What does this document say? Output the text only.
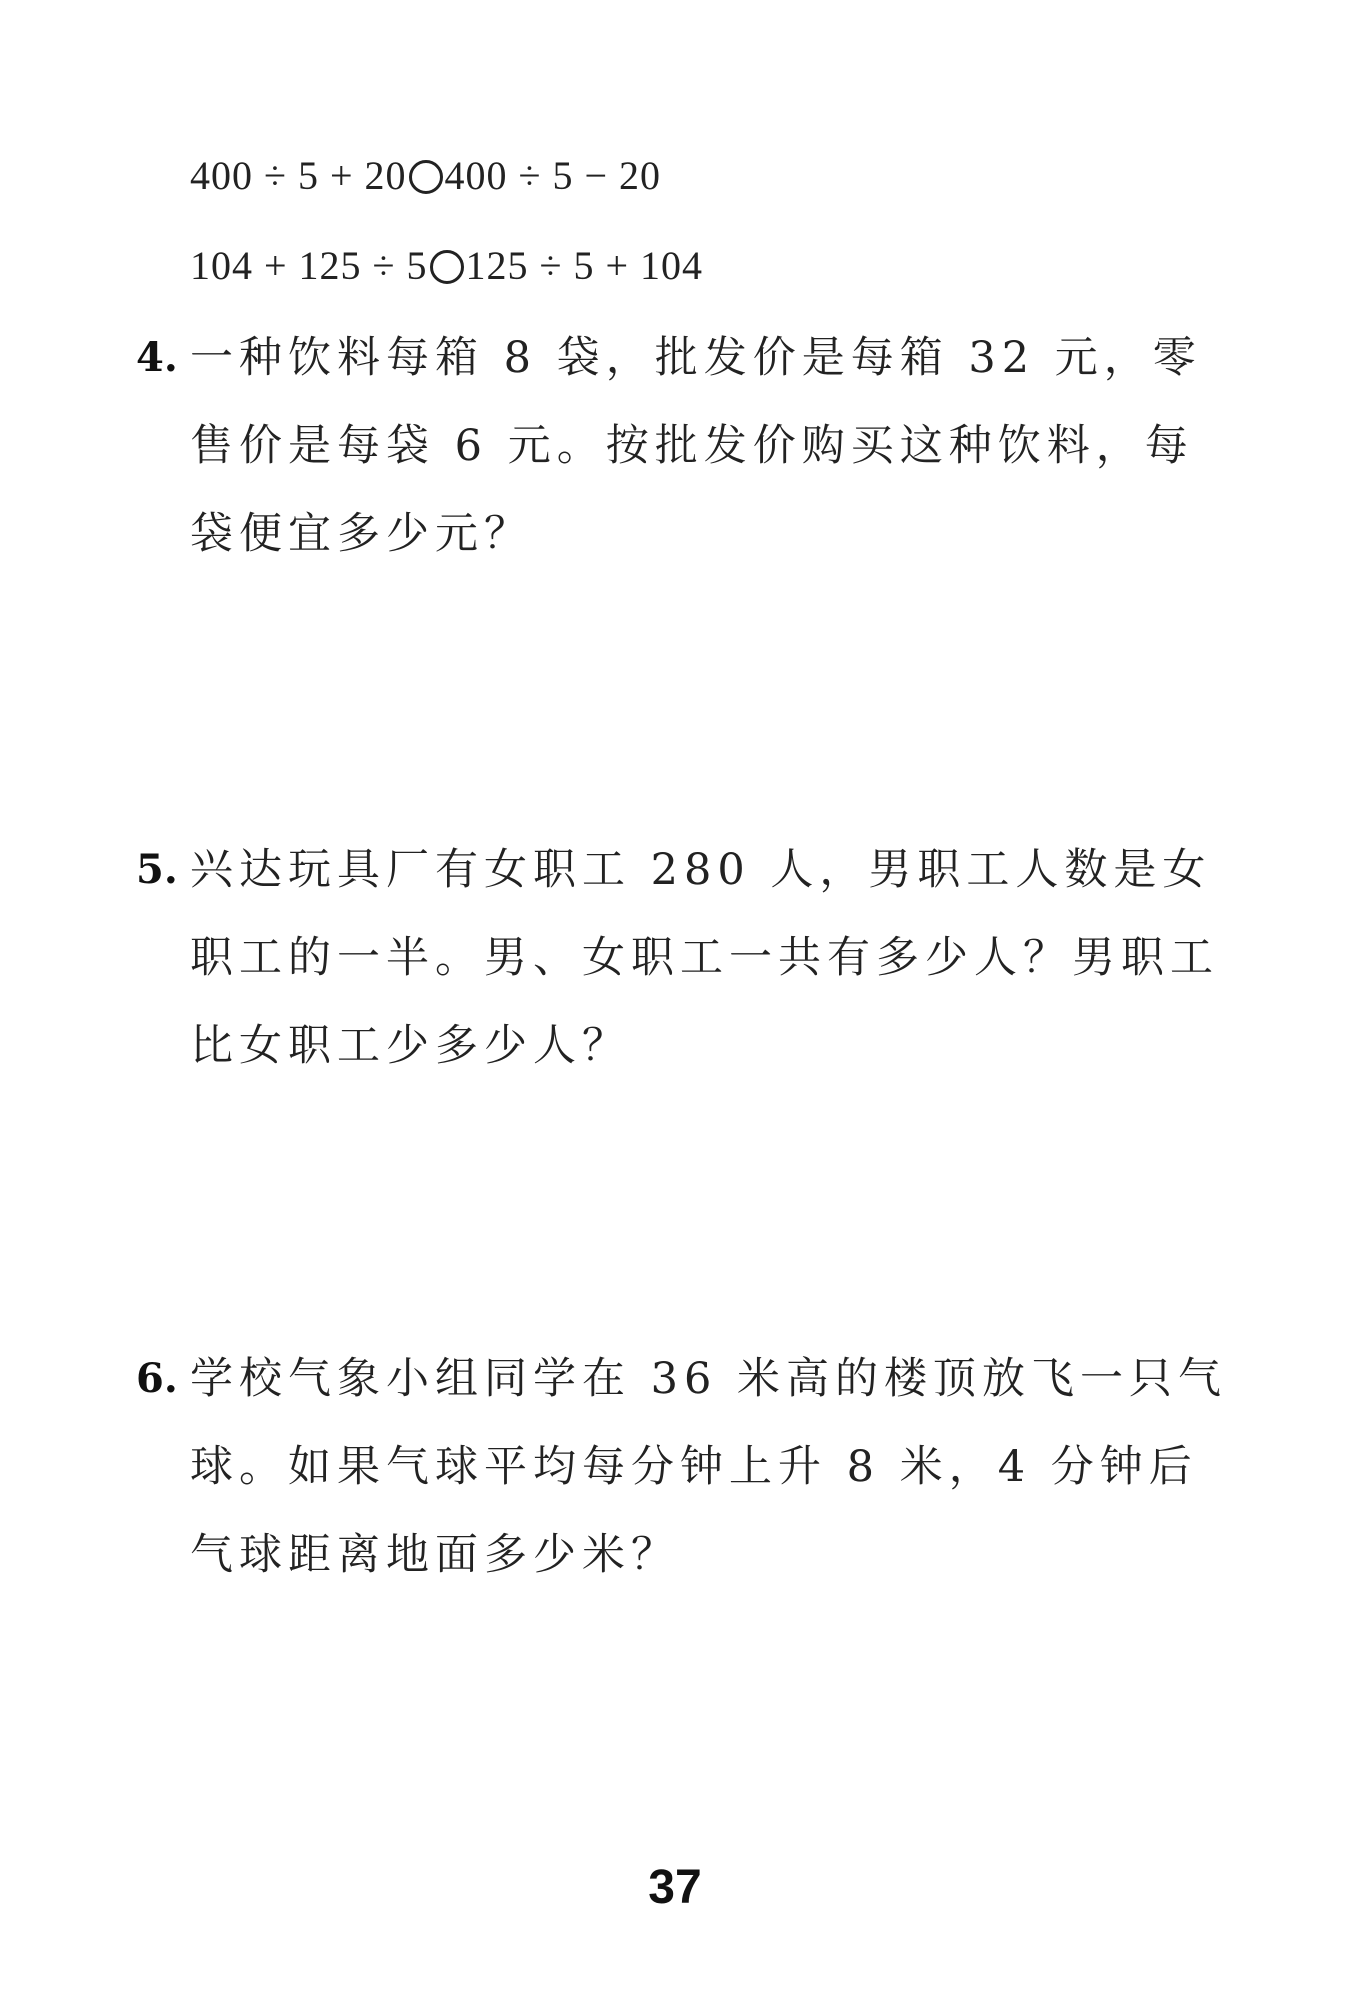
400 ÷ 5 + 20 400 ÷ 5 − 20
104 + 125 ÷ 5 125 ÷ 5 + 104
4. 一种饮料每箱 8 袋，批发价是每箱 32 元，零售价是每袋 6 元。按批发价购买这种饮料，每袋便宜多少元？
5. 兴达玩具厂有女职工 280 人，男职工人数是女职工的一半。男、女职工一共有多少人？男职工比女职工少多少人？
6. 学校气象小组同学在 36 米高的楼顶放飞一只气球。如果气球平均每分钟上升 8 米，4 分钟后气球距离地面多少米？
37
